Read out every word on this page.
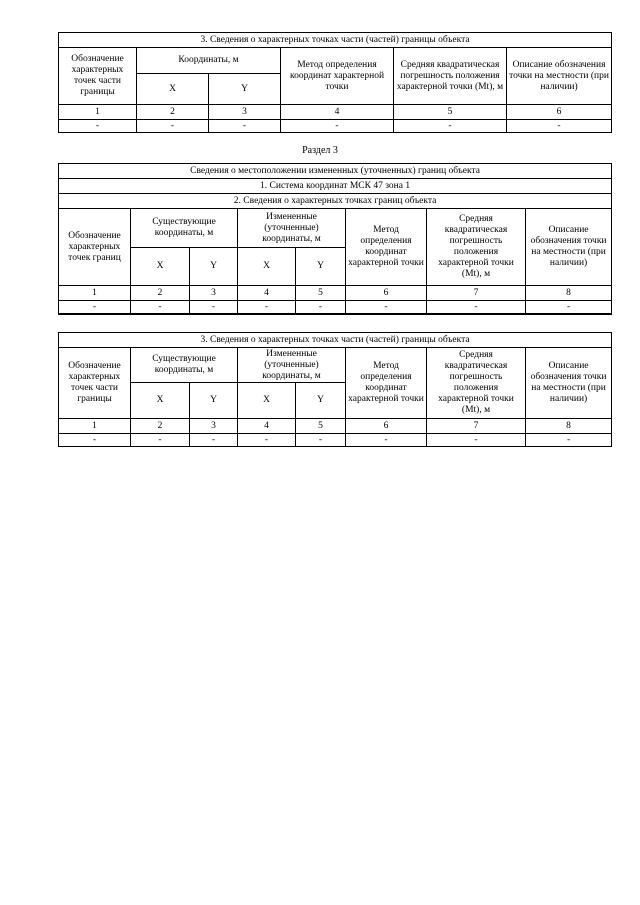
3. Сведения о характерных точках части (частей) границы объекта					
Обозначение характерных точек части границы	Координаты, м		Метод определения координат характерной точки	Средняя квадратическая погрешность положения характерной точки (Mt), м	Описание обозначения точки на местности (при наличии)
	X	Y			
1	2	3	4	5	6
-	-	-	-	-	-
Раздел 3
Сведения о местоположении измененных (уточненных) границ объекта							
1. Система координат МСК 47 зона 1							
2. Сведения о характерных точках границ объекта							
Обозначение характерных точек границ	Существующие координаты, м		Измененные (уточненные) координаты, м		Метод определения координат характерной точки	Средняя квадратическая погрешность положения характерной точки (Mt), м	Описание обозначения точки на местности (при наличии)
	X	Y	X	Y			
1	2	3	4	5	6	7	8
-	-	-	-	-	-	-	-
3. Сведения о характерных точках части (частей) границы объекта							
Обозначение характерных точек части границы	Существующие координаты, м		Измененные (уточненные) координаты, м		Метод определения координат характерной точки	Средняя квадратическая погрешность положения характерной точки (Mt), м	Описание обозначения точки на местности (при наличии)
	X	Y	X	Y			
1	2	3	4	5	6	7	8
-	-	-	-	-	-	-	-
